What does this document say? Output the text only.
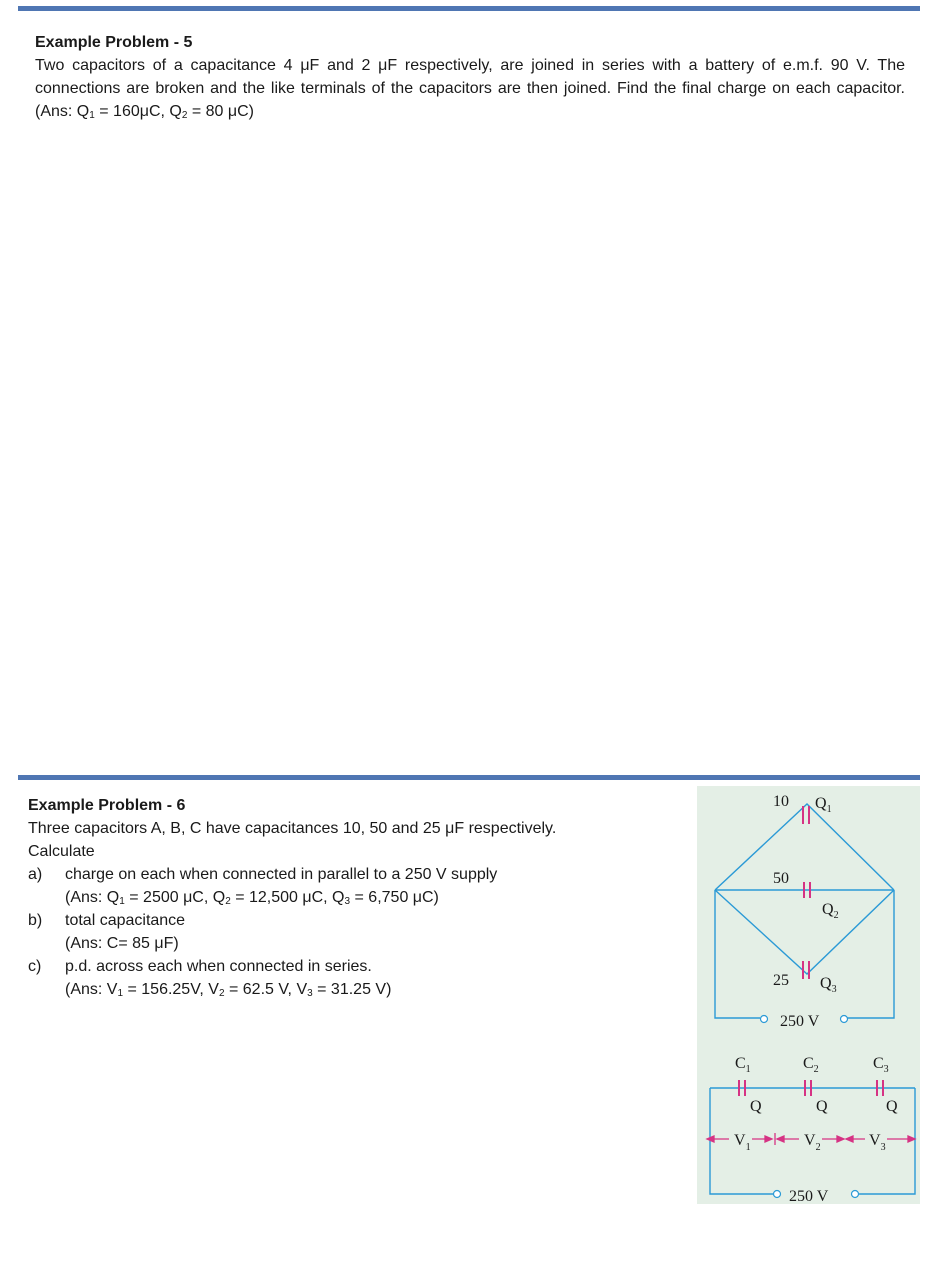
Example Problem - 5
Two capacitors of a capacitance 4 μF and 2 μF respectively, are joined in series with a battery of e.m.f. 90 V. The connections are broken and the like terminals of the capacitors are then joined. Find the final charge on each capacitor. (Ans: $Q_1 = 160\mu C$, $Q_2 = 80$ μC)
Example Problem - 6
Three capacitors A, B, C have capacitances 10, 50 and 25 μF respectively.
Calculate
a) charge on each when connected in parallel to a 250 V supply
(Ans: $Q_1 = 2500$ μC, $Q_2 = 12,500$ μC, $Q_3 = 6,750$ μC)
b) total capacitance
(Ans: C= 85 μF)
c) p.d. across each when connected in series.
(Ans: $V_1 = 156.25V$, $V_2 = 62.5$ V, $V_3 = 31.25$ V)
10 $Q_1$
50
$Q_2$
25 $Q_3$
250 V
$C_1$	$C_2$	$C_3$
Q	Q	Q
$V_1$	$V_2$	$V_3$
250 V
